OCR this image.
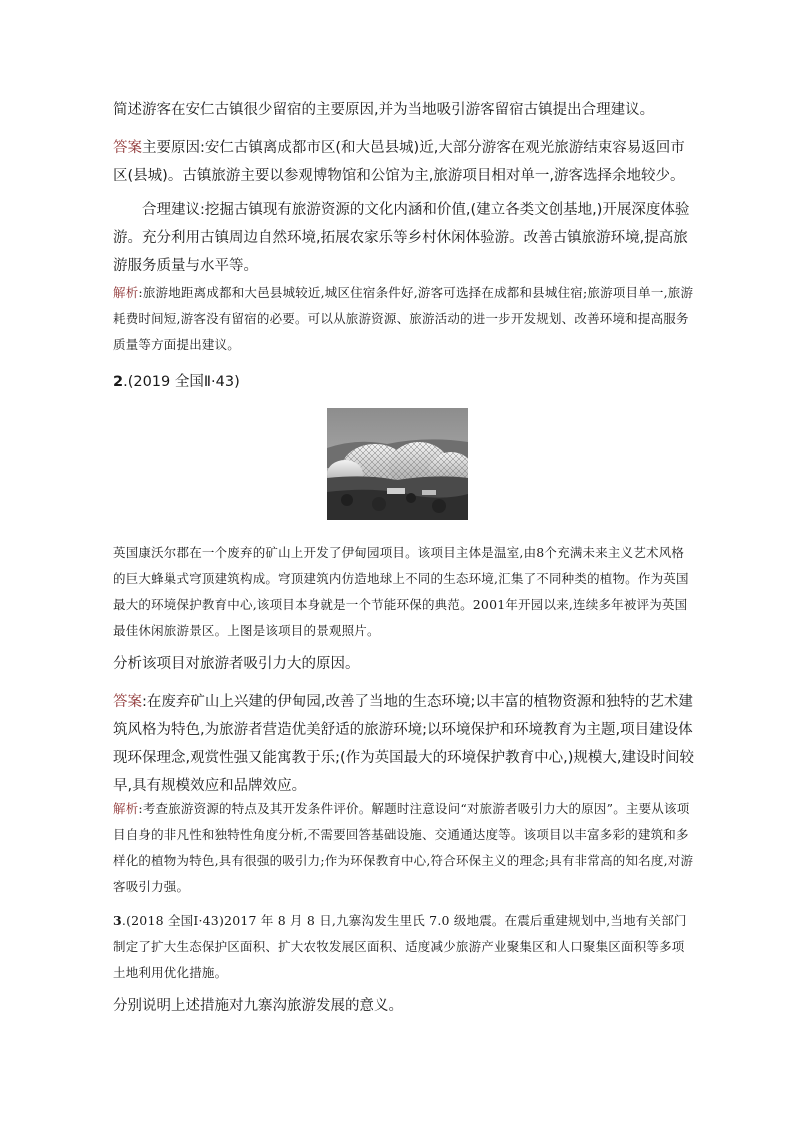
简述游客在安仁古镇很少留宿的主要原因,并为当地吸引游客留宿古镇提出合理建议。

答案主要原因:安仁古镇离成都市区(和大邑县城)近,大部分游客在观光旅游结束容易返回市区(县城)。古镇旅游主要以参观博物馆和公馆为主,旅游项目相对单一,游客选择余地较少。

合理建议:挖掘古镇现有旅游资源的文化内涵和价值,(建立各类文创基地,)开展深度体验游。充分利用古镇周边自然环境,拓展农家乐等乡村休闲体验游。改善古镇旅游环境,提高旅游服务质量与水平等。

解析:旅游地距离成都和大邑县城较近,城区住宿条件好,游客可选择在成都和县城住宿;旅游项目单一,旅游耗费时间短,游客没有留宿的必要。可以从旅游资源、旅游活动的进一步开发规划、改善环境和提高服务质量等方面提出建议。

2.(2019 全国Ⅱ·43)

英国康沃尔郡在一个废弃的矿山上开发了伊甸园项目。该项目主体是温室,由8个充满未来主义艺术风格的巨大蜂巢式穹顶建筑构成。穹顶建筑内仿造地球上不同的生态环境,汇集了不同种类的植物。作为英国最大的环境保护教育中心,该项目本身就是一个节能环保的典范。2001年开园以来,连续多年被评为英国最佳休闲旅游景区。上图是该项目的景观照片。

分析该项目对旅游者吸引力大的原因。

答案:在废弃矿山上兴建的伊甸园,改善了当地的生态环境;以丰富的植物资源和独特的艺术建筑风格为特色,为旅游者营造优美舒适的旅游环境;以环境保护和环境教育为主题,项目建设体现环保理念,观赏性强又能寓教于乐;(作为英国最大的环境保护教育中心,)规模大,建设时间较早,具有规模效应和品牌效应。

解析:考查旅游资源的特点及其开发条件评价。解题时注意设问“对旅游者吸引力大的原因”。主要从该项目自身的非凡性和独特性角度分析,不需要回答基础设施、交通通达度等。该项目以丰富多彩的建筑和多样化的植物为特色,具有很强的吸引力;作为环保教育中心,符合环保主义的理念;具有非常高的知名度,对游客吸引力强。

3.(2018 全国Ⅰ·43)2017 年 8 月 8 日,九寨沟发生里氏 7.0 级地震。在震后重建规划中,当地有关部门制定了扩大生态保护区面积、扩大农牧发展区面积、适度减少旅游产业聚集区和人口聚集区面积等多项土地利用优化措施。

分别说明上述措施对九寨沟旅游发展的意义。
